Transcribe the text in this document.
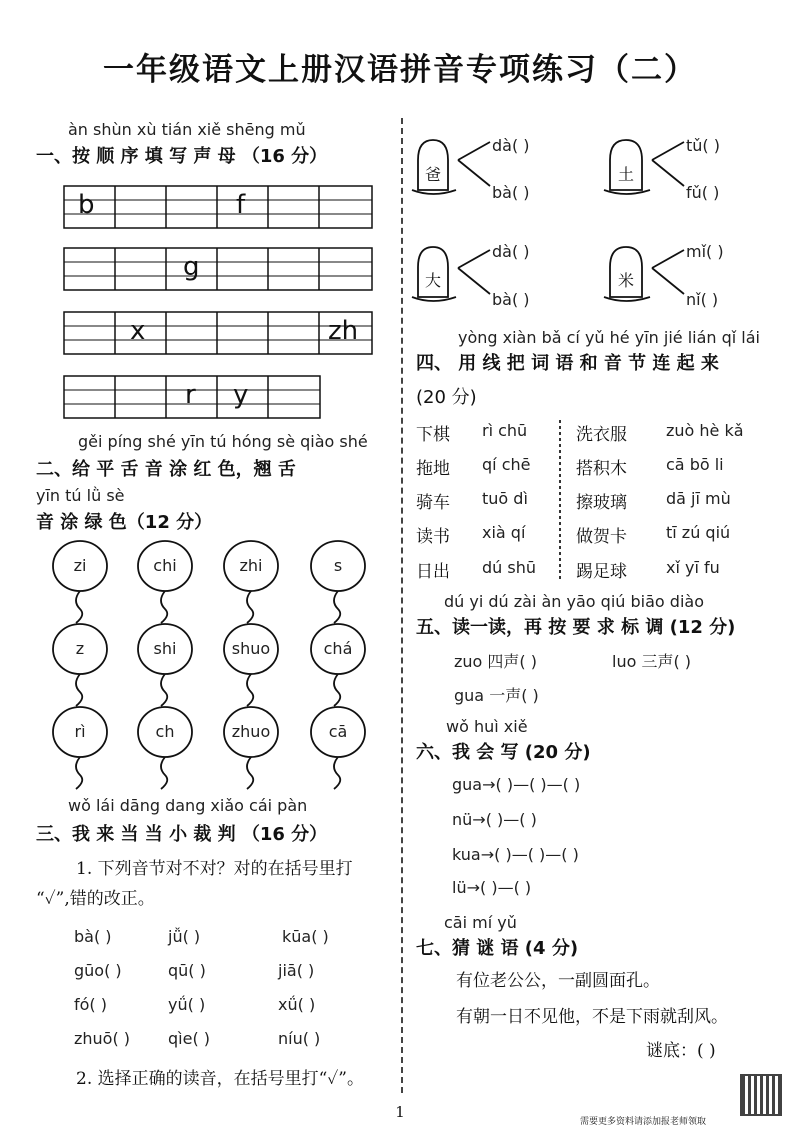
一年级语文上册汉语拼音专项练习（二）
àn shùn xù tián xiě shēng mǔ
一、按 顺 序 填 写 声 母 （16 分）
b	f
g
x	zh
r y
gěi píng shé yīn tú hóng sè qiào shé
二、给 平 舌 音 涂 红 色，翘 舌
yīn tú lǜ sè
音 涂 绿 色（12 分）
zi	chi	zhi	s
z	shi	shuo	chá
rì	ch	zhuo	cā
wǒ lái dāng dang xiǎo cái pàn
三、我 来 当 当 小 裁 判 （16 分）
1. 下列音节对不对？对的在括号里打
“✓”,错的改正。
bà( )	jǚ( )	kūa( )
gūo( )	qū( )	jiā( )
fó( )	yǘ( )	xǘ( )
zhuō( ) qìe( )	níu( )
2. 选择正确的读音，在括号里打“✓”。
爸
dà( )
bà( )
土
tǔ( )
fǔ( )
大
dà( )
bà( )
米
mǐ( )
nǐ( )
yòng xiàn bǎ cí yǔ hé yīn jié lián qǐ lái
四、 用 线 把 词 语 和 音 节 连 起 来
(20 分)
下棋 rì chū	洗衣服 zuò hè kǎ
拖地 qí chē	搭积木 cā bō li
骑车 tuō dì	擦玻璃 dā jī mù
读书 xià qí	做贺卡 tī zú qiú
日出 dú shū 踢足球 xǐ yī fu
dú yi dú zài àn yāo qiú biāo diào
五、读一读，再 按 要 求 标 调 (12 分)
zuo 四声( )	luo 三声( )
gua 一声( )
wǒ huì xiě
六、我 会 写 (20 分)
gua→( )—( )—( )
nü→( )—( )
kua→( )—( )—( )
lü→( )—( )
cāi mí yǔ
七、猜 谜 语 (4 分)
有位老公公，一副圆面孔。
有朝一日不见他，不是下雨就刮风。
谜底：( )
1
需要更多资料请添加报老师领取
